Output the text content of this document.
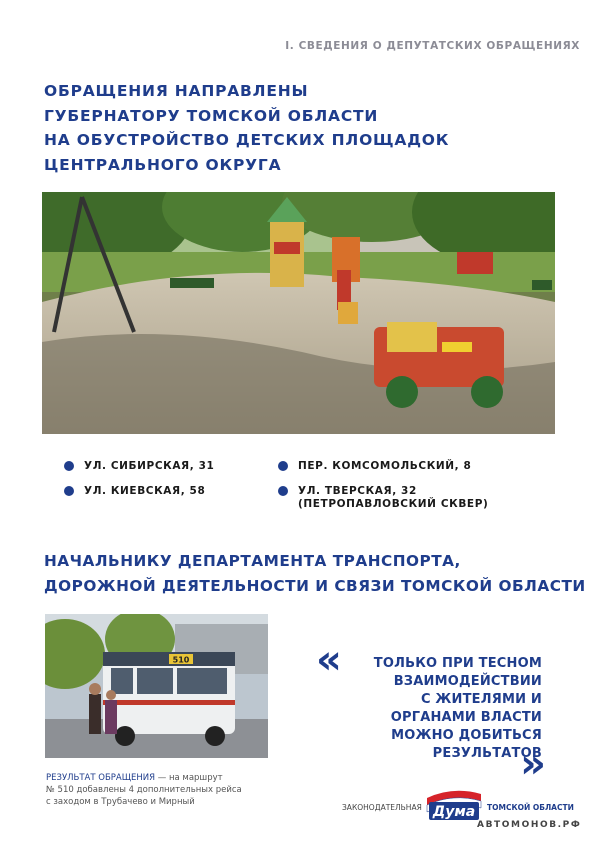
I. СВЕДЕНИЯ О ДЕПУТАТСКИХ ОБРАЩЕНИЯХ
ОБРАЩЕНИЯ НАПРАВЛЕНЫ
ГУБЕРНАТОРУ ТОМСКОЙ ОБЛАСТИ
НА ОБУСТРОЙСТВО ДЕТСКИХ ПЛОЩАДОК
ЦЕНТРАЛЬНОГО ОКРУГА
УЛ. СИБИРСКАЯ, 31
УЛ. КИЕВСКАЯ, 58
ПЕР. КОМСОМОЛЬСКИЙ, 8
УЛ. ТВЕРСКАЯ, 32
(ПЕТРОПАВЛОВСКИЙ СКВЕР)
НАЧАЛЬНИКУ ДЕПАРТАМЕНТА ТРАНСПОРТА,
ДОРОЖНОЙ ДЕЯТЕЛЬНОСТИ И СВЯЗИ ТОМСКОЙ ОБЛАСТИ
510	« ТОЛЬКО ПРИ ТЕСНОМ
ВЗАИМОДЕЙСТВИИ
С ЖИТЕЛЯМИ И
ОРГАНАМИ ВЛАСТИ
МОЖНО ДОБИТЬСЯ
РЕЗУЛЬТАТОВ
»
РЕЗУЛЬТАТ ОБРАЩЕНИЯ — на маршрут
№ 510 добавлены 4 дополнительных рейса
с заходом в Трубачево и Мирный
ЗАКОНОДАТЕЛЬНАЯ Дума ТОМСКОЙ ОБЛАСТИ
АВТОМОНОВ.РФ
